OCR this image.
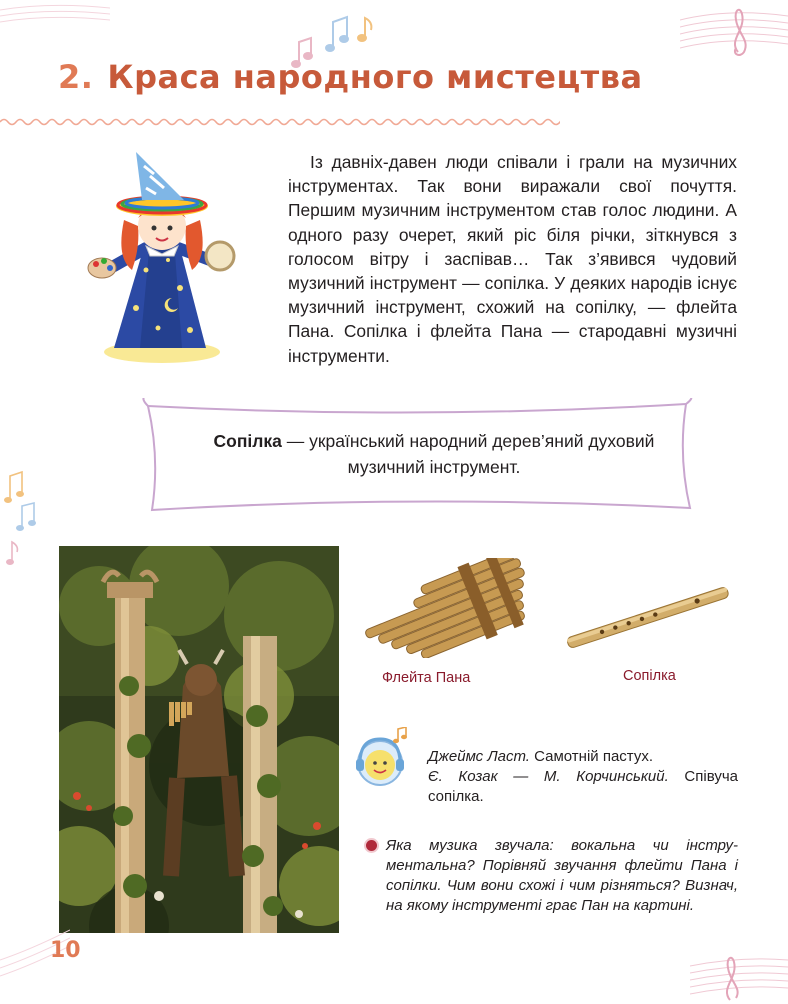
2. Краса народного мистецтва
Із давніх-давен люди співали і грали на музичних інструментах. Так вони виражали свої почуття. Першим музичним інструментом став голос людини. А одного разу очерет, який ріс біля річки, зіткнувся з голосом вітру і заспівав… Так з’явився чудовий музичний інструмент — сопілка. У деяких народів існує музичний інструмент, схожий на сопілку, — флейта Пана. Сопілка і флейта Пана — стародавні музичні інструменти.
Сопілка — український народний дерев’яний духовий музичний інструмент.
Флейта Пана	Сопілка
Джеймс Ласт. Самотній пастух.
Є. Козак — М. Корчинський. Співуча сопілка.
Яка музика звучала: вокальна чи інстру-ментальна? Порівняй звучання флейти Пана і сопілки. Чим вони схожі і чим різняться? Визнач, на якому інструменті грає Пан на картині.
10
